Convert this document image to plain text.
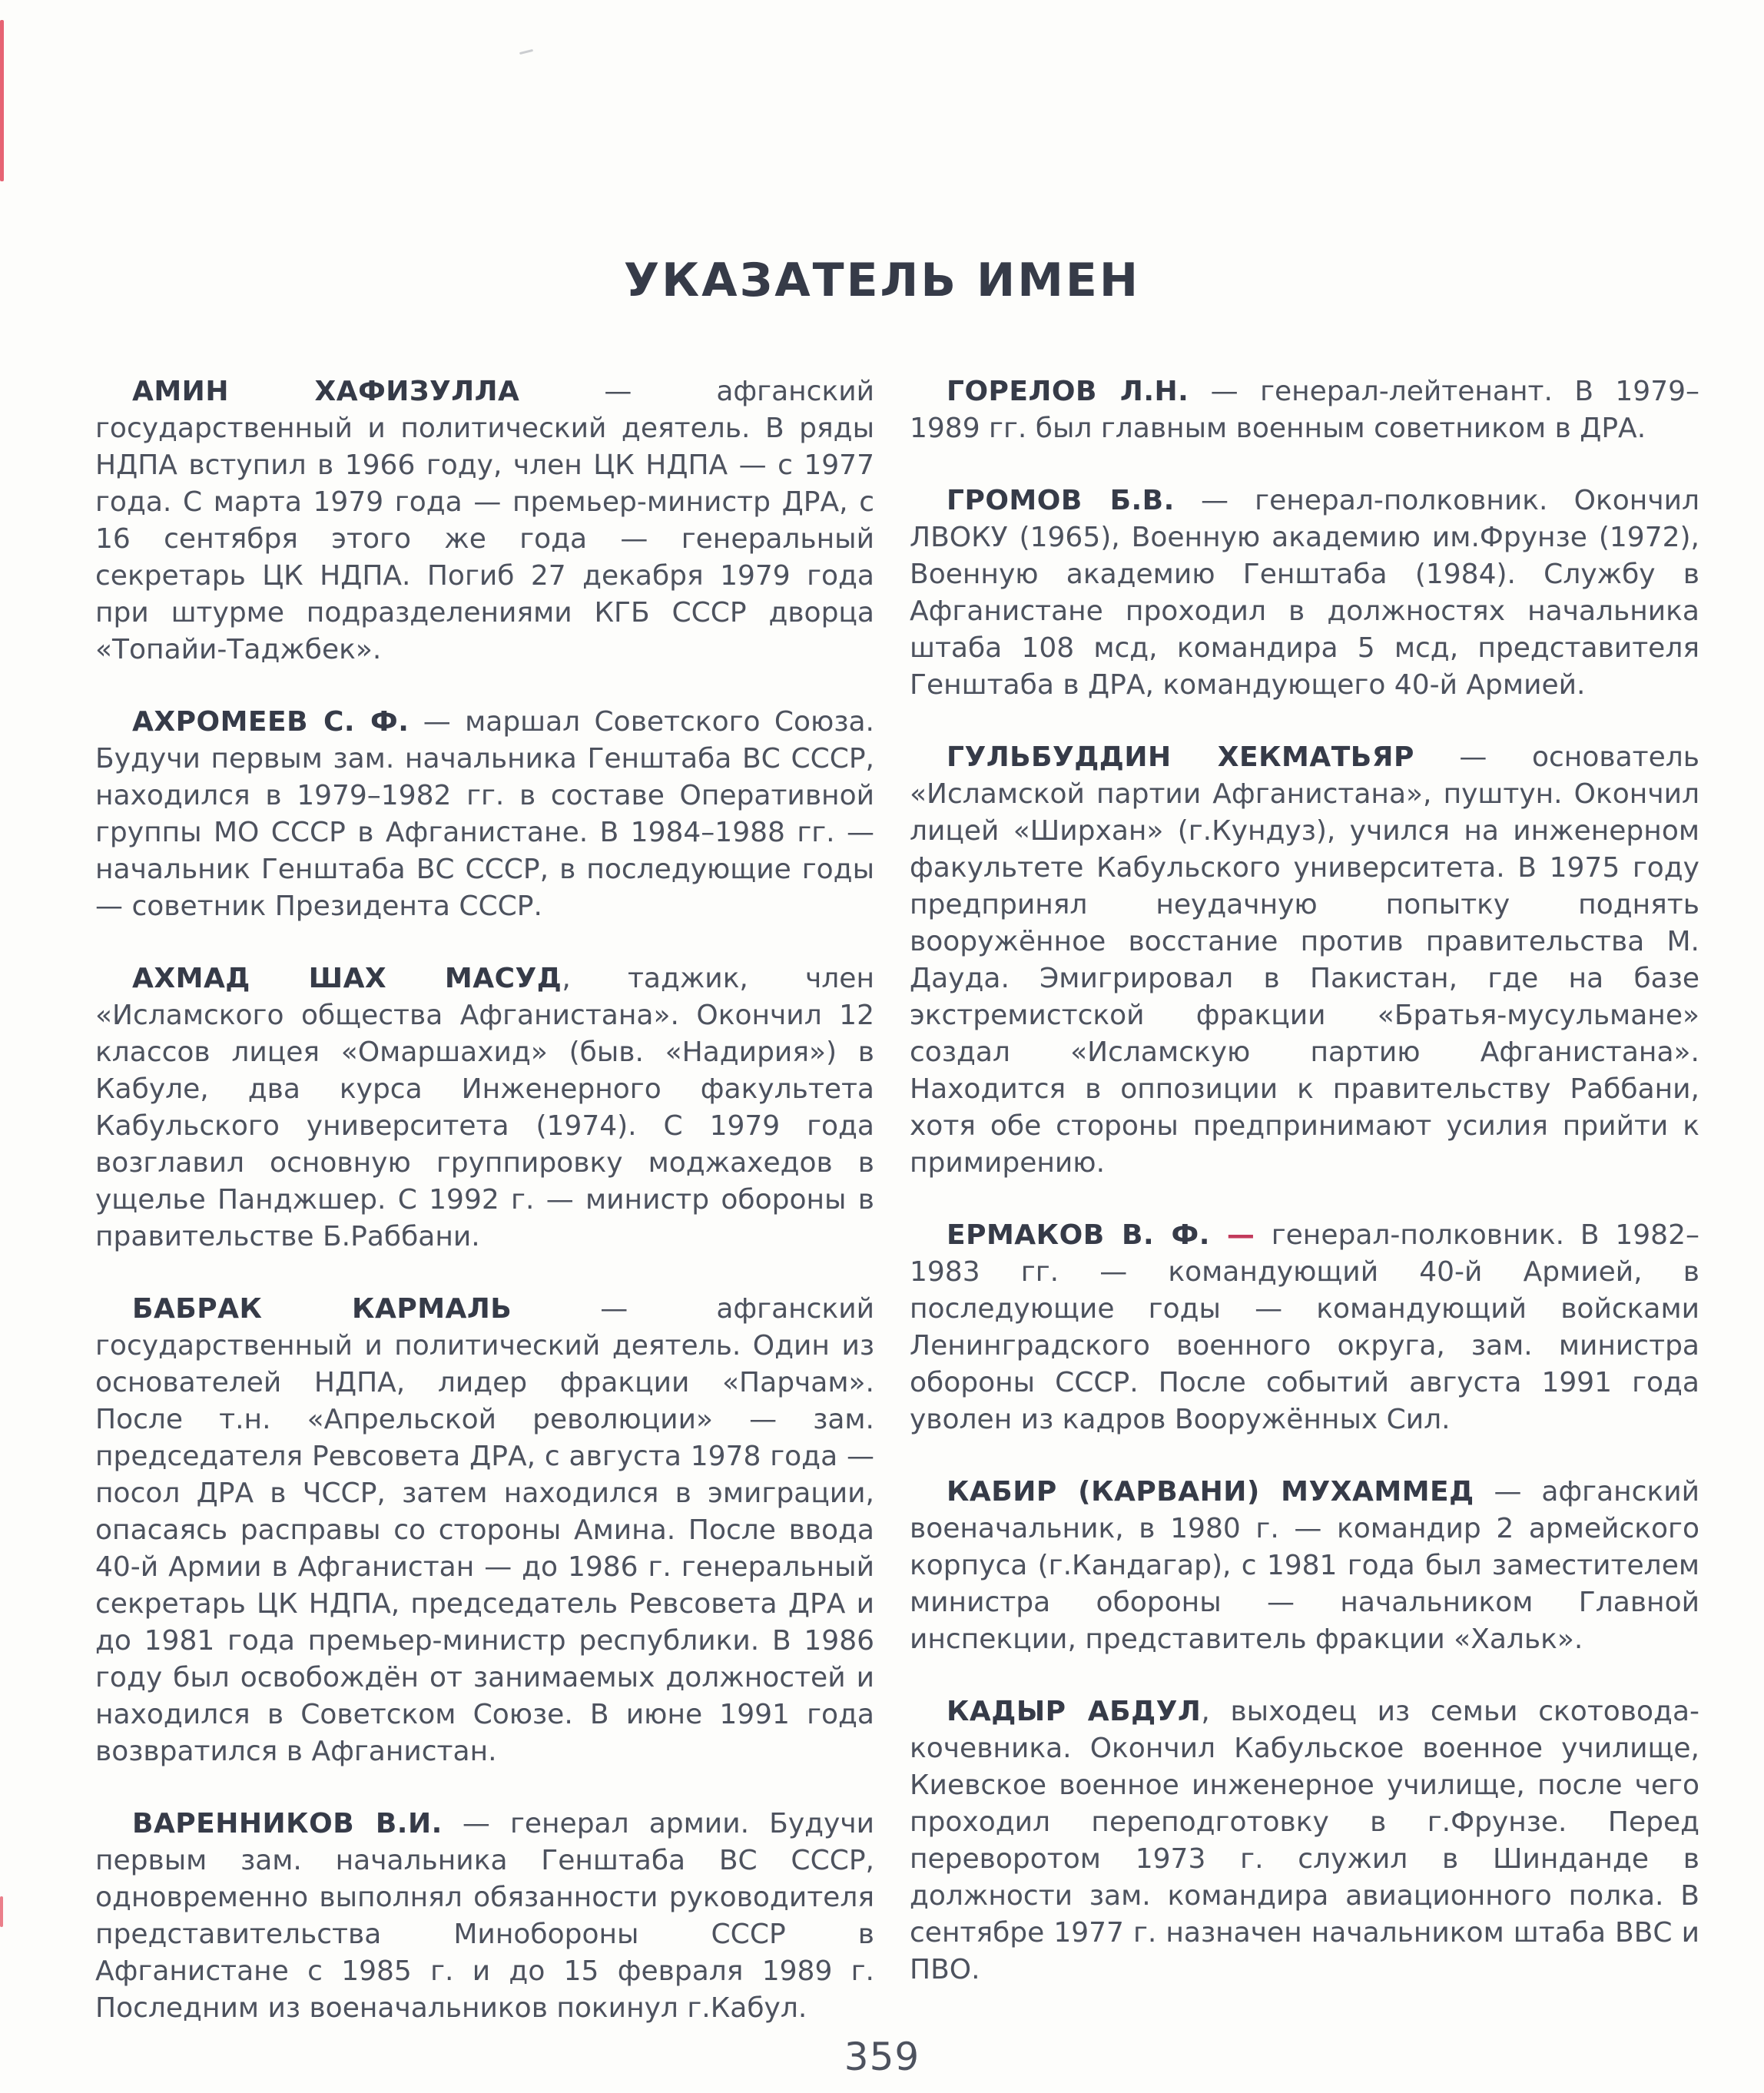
УКАЗАТЕЛЬ ИМЕН

АМИН ХАФИЗУЛЛА — афганский государственный и политический деятель. В ряды НДПА вступил в 1966 году, член ЦК НДПА — с 1977 года. С марта 1979 года — премьер-министр ДРА, с 16 сентября этого же года — генеральный секретарь ЦК НДПА. Погиб 27 декабря 1979 года при штурме подразделениями КГБ СССР дворца «Топайи-Таджбек».

АХРОМЕЕВ С. Ф. — маршал Советского Союза. Будучи первым зам. начальника Генштаба ВС СССР, находился в 1979–1982 гг. в составе Оперативной группы МО СССР в Афганистане. В 1984–1988 гг. — начальник Генштаба ВС СССР, в последующие годы — советник Президента СССР.

АХМАД ШАХ МАСУД, таджик, член «Исламского общества Афганистана». Окончил 12 классов лицея «Омаршахид» (быв. «Надирия») в Кабуле, два курса Инженерного факультета Кабульского университета (1974). С 1979 года возглавил основную группировку моджахедов в ущелье Панджшер. С 1992 г. — министр обороны в правительстве Б.Раббани.

БАБРАК КАРМАЛЬ — афганский государственный и политический деятель. Один из основателей НДПА, лидер фракции «Парчам». После т.н. «Апрельской революции» — зам. председателя Ревсовета ДРА, с августа 1978 года — посол ДРА в ЧССР, затем находился в эмиграции, опасаясь расправы со стороны Амина. После ввода 40-й Армии в Афганистан — до 1986 г. генеральный секретарь ЦК НДПА, председатель Ревсовета ДРА и до 1981 года премьер-министр республики. В 1986 году был освобождён от занимаемых должностей и находился в Советском Союзе. В июне 1991 года возвратился в Афганистан.

ВАРЕННИКОВ В.И. — генерал армии. Будучи первым зам. начальника Генштаба ВС СССР, одновременно выполнял обязанности руководителя представительства Минобороны СССР в Афганистане с 1985 г. и до 15 февраля 1989 г. Последним из военачальников покинул г.Кабул.

ГОРЕЛОВ Л.Н. — генерал-лейтенант. В 1979–1989 гг. был главным военным советником в ДРА.

ГРОМОВ Б.В. — генерал-полковник. Окончил ЛВОКУ (1965), Военную академию им.Фрунзе (1972), Военную академию Генштаба (1984). Службу в Афганистане проходил в должностях начальника штаба 108 мсд, командира 5 мсд, представителя Генштаба в ДРА, командующего 40-й Армией.

ГУЛЬБУДДИН ХЕКМАТЬЯР — основатель «Исламской партии Афганистана», пуштун. Окончил лицей «Ширхан» (г.Кундуз), учился на инженерном факультете Кабульского университета. В 1975 году предпринял неудачную попытку поднять вооружённое восстание против правительства М. Дауда. Эмигрировал в Пакистан, где на базе экстремистской фракции «Братья-мусульмане» создал «Исламскую партию Афганистана». Находится в оппозиции к правительству Раббани, хотя обе стороны предпринимают усилия прийти к примирению.

ЕРМАКОВ В. Ф. — генерал-полковник. В 1982–1983 гг. — командующий 40-й Армией, в последующие годы — командующий войсками Ленинградского военного округа, зам. министра обороны СССР. После событий августа 1991 года уволен из кадров Вооружённых Сил.

КАБИР (КАРВАНИ) МУХАММЕД — афганский военачальник, в 1980 г. — командир 2 армейского корпуса (г.Кандагар), с 1981 года был заместителем министра обороны — начальником Главной инспекции, представитель фракции «Хальк».

КАДЫР АБДУЛ, выходец из семьи скотовода-кочевника. Окончил Кабульское военное училище, Киевское военное инженерное училище, после чего проходил переподготовку в г.Фрунзе. Перед переворотом 1973 г. служил в Шинданде в должности зам. командира авиационного полка. В сентябре 1977 г. назначен начальником штаба ВВС и ПВО.

359
